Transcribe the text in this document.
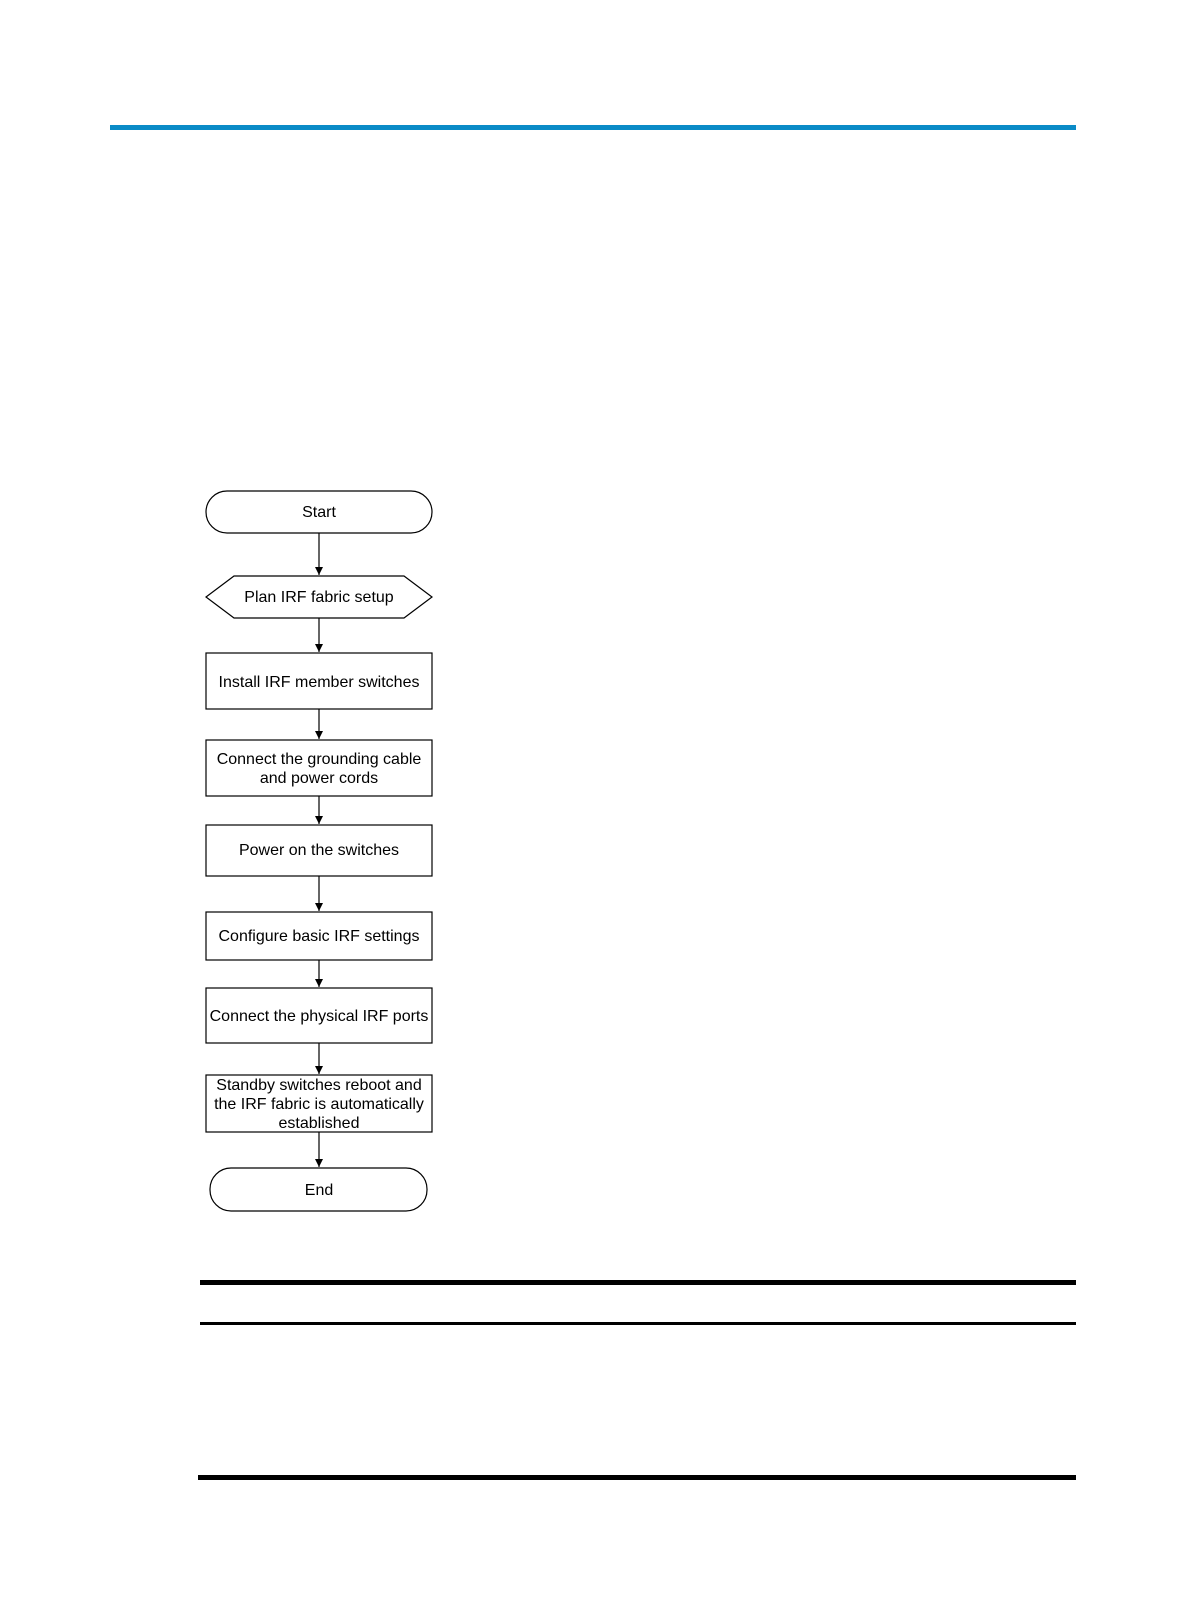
Start
Plan IRF fabric setup
Install IRF member switches
Connect the grounding cable
and power cords
Power on the switches
Configure basic IRF settings
Connect the physical IRF ports
Standby switches reboot and
the IRF fabric is automatically
established
End
